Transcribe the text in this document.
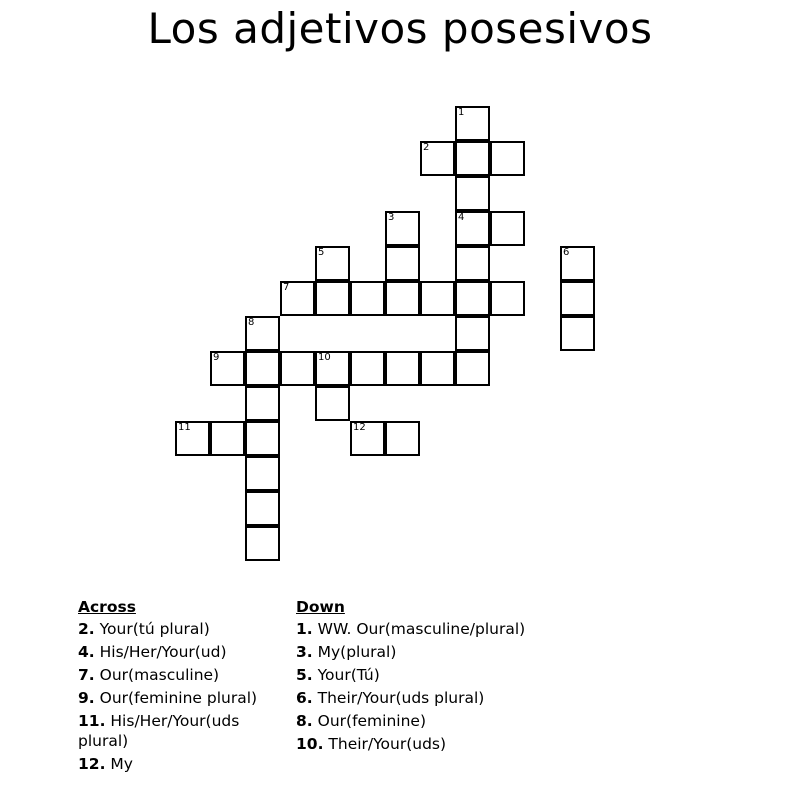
Los adjetivos posesivos
1
2
3	4
5	6
7
8
9	10
11	12
Across
2. Your(tú plural)
4. His/Her/Your(ud)
7. Our(masculine)
9. Our(feminine plural)
11. His/Her/Your(uds plural)
12. My
Down
1. WW. Our(masculine/plural)
3. My(plural)
5. Your(Tú)
6. Their/Your(uds plural)
8. Our(feminine)
10. Their/Your(uds)
